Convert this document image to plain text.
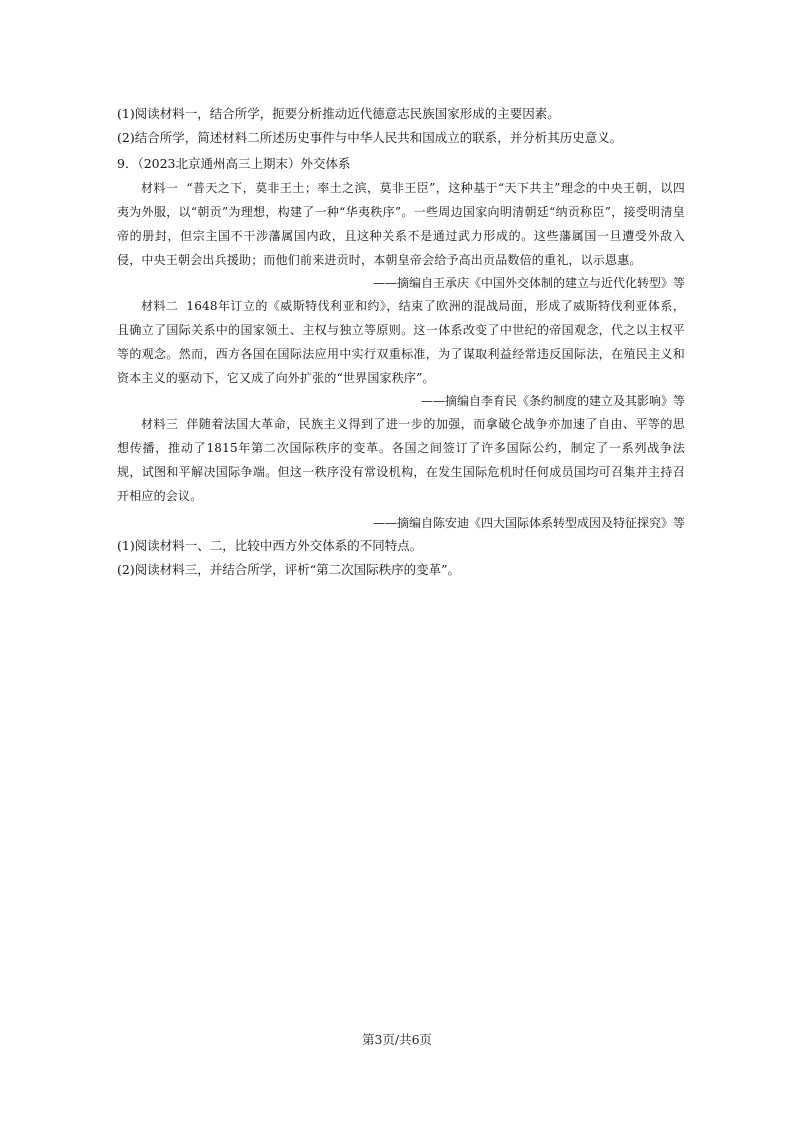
(1)阅读材料一，结合所学，扼要分析推动近代德意志民族国家形成的主要因素。

(2)结合所学，简述材料二所述历史事件与中华人民共和国成立的联系，并分析其历史意义。

9．（2023北京通州高三上期末）外交体系

材料一 “普天之下，莫非王土；率土之滨，莫非王臣”，这种基于“天下共主”理念的中央王朝，以四夷为外服，以“朝贡”为理想，构建了一种“华夷秩序”。一些周边国家向明清朝廷“纳贡称臣”，接受明清皇帝的册封，但宗主国不干涉藩属国内政，且这种关系不是通过武力形成的。这些藩属国一旦遭受外敌入侵，中央王朝会出兵援助；而他们前来进贡时，本朝皇帝会给予高出贡品数倍的重礼，以示恩惠。

——摘编自王承庆《中国外交体制的建立与近代化转型》等

材料二 1648年订立的《威斯特伐利亚和约》，结束了欧洲的混战局面，形成了威斯特伐利亚体系，且确立了国际关系中的国家领土、主权与独立等原则。这一体系改变了中世纪的帝国观念，代之以主权平等的观念。然而，西方各国在国际法应用中实行双重标准，为了谋取利益经常违反国际法，在殖民主义和资本主义的驱动下，它又成了向外扩张的“世界国家秩序”。

——摘编自李育民《条约制度的建立及其影响》等

材料三 伴随着法国大革命，民族主义得到了进一步的加强，而拿破仑战争亦加速了自由、平等的思想传播，推动了1815年第二次国际秩序的变革。各国之间签订了许多国际公约，制定了一系列战争法规，试图和平解决国际争端。但这一秩序没有常设机构，在发生国际危机时任何成员国均可召集并主持召开相应的会议。

——摘编自陈安迪《四大国际体系转型成因及特征探究》等

(1)阅读材料一、二，比较中西方外交体系的不同特点。

(2)阅读材料三，并结合所学，评析“第二次国际秩序的变革”。

第3页/共6页
